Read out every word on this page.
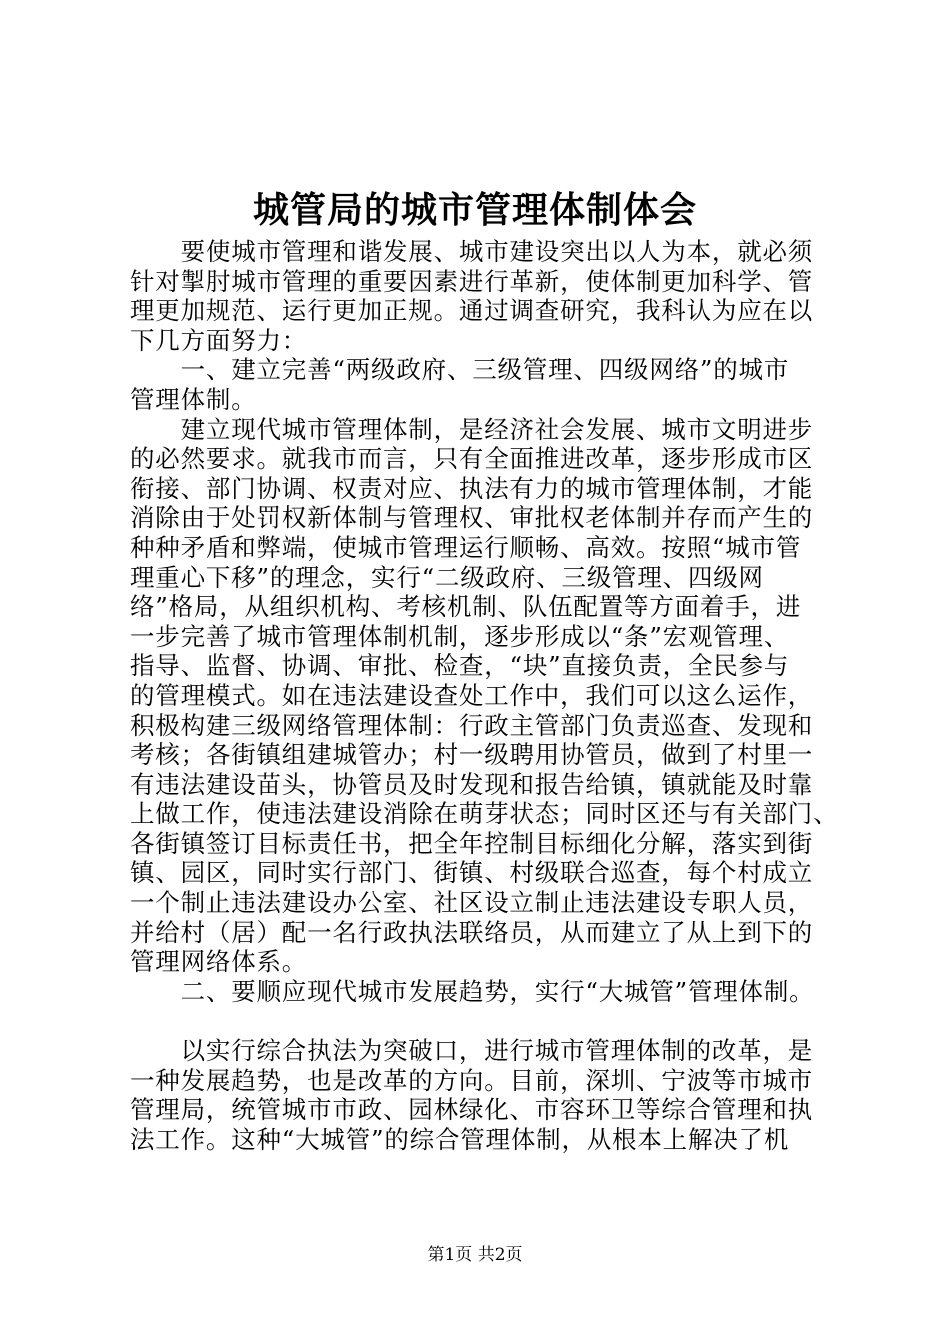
城管局的城市管理体制体会
　　要使城市管理和谐发展、城市建设突出以人为本，就必须
针对掣肘城市管理的重要因素进行革新，使体制更加科学、管
理更加规范、运行更加正规。通过调查研究，我科认为应在以
下几方面努力：
　　一、建立完善“两级政府、三级管理、四级网络”的城市
管理体制。
　　建立现代城市管理体制，是经济社会发展、城市文明进步
的必然要求。就我市而言，只有全面推进改革，逐步形成市区
衔接、部门协调、权责对应、执法有力的城市管理体制，才能
消除由于处罚权新体制与管理权、审批权老体制并存而产生的
种种矛盾和弊端，使城市管理运行顺畅、高效。按照“城市管
理重心下移”的理念，实行“二级政府、三级管理、四级网
络”格局，从组织机构、考核机制、队伍配置等方面着手，进
一步完善了城市管理体制机制，逐步形成以“条”宏观管理、
指导、监督、协调、审批、检查，“块”直接负责，全民参与
的管理模式。如在违法建设查处工作中，我们可以这么运作，
积极构建三级网络管理体制：行政主管部门负责巡查、发现和
考核；各街镇组建城管办；村一级聘用协管员，做到了村里一
有违法建设苗头，协管员及时发现和报告给镇，镇就能及时靠
上做工作，使违法建设消除在萌芽状态；同时区还与有关部门、
各街镇签订目标责任书，把全年控制目标细化分解，落实到街
镇、园区，同时实行部门、街镇、村级联合巡查，每个村成立
一个制止违法建设办公室、社区设立制止违法建设专职人员，
并给村（居）配一名行政执法联络员，从而建立了从上到下的
管理网络体系。
　　二、要顺应现代城市发展趋势，实行“大城管”管理体制。
　　以实行综合执法为突破口，进行城市管理体制的改革，是
一种发展趋势，也是改革的方向。目前，深圳、宁波等市城市
管理局，统管城市市政、园林绿化、市容环卫等综合管理和执
法工作。这种“大城管”的综合管理体制，从根本上解决了机
第1页 共2页
